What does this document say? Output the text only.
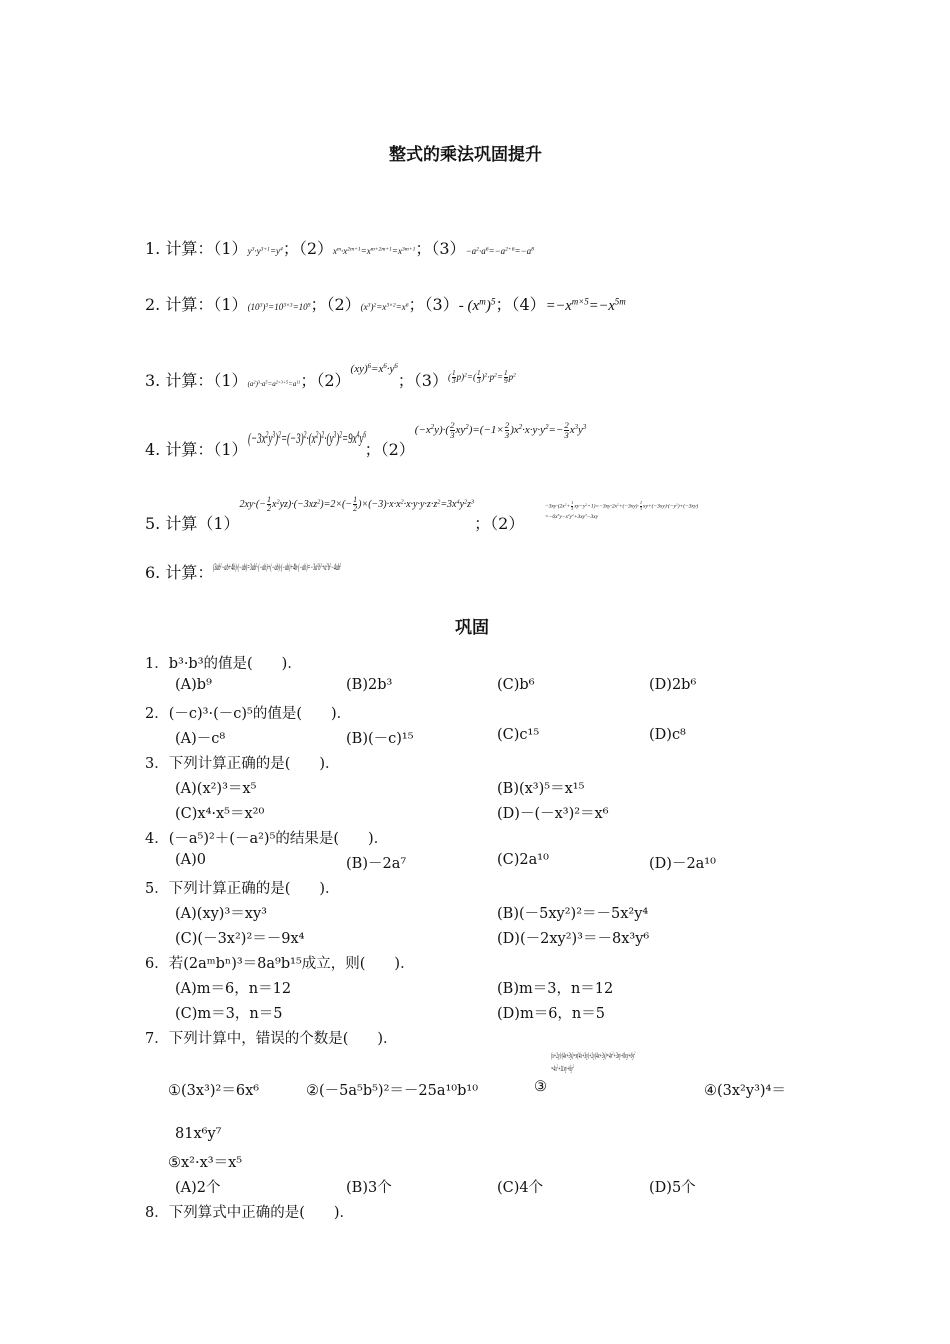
整式的乘法巩固提升
1. 计算：$(1)y^3\cdot y^{3+1}=y^4$；$(2)x^m\cdot x^{2m+1}=x^{m+2m+1}=x^{3m+1}$；$(3)-a^2\cdot a^6=-a^{2+6}=-a^8$
2. 计算：$(1)(10^3)^3=10^{3\times 3}=10^9$；$(2)(x^3)^2=x^{3\times 2}=x^6$；（3）- $(x^m)^5$；$(4)=-x^{m\times 5}=-x^{5m}$
3. 计算：$(1)(a^2)^3\cdot a^5=a^{2\times 3+5}=a^{11}$；$(2)^{(xy)^6=x^6\cdot y^6}$；$(3)^{( \frac{1}{3} p)^2=( \frac{1}{3} )^2\cdot p^2= \frac{1}{9} p^2}$
4. 计算：$(1)(-3x^2y^3)^2=(-3)^2\cdot(x^2)^2\cdot(y^3)^2=9x^4y^6$；$(2)^{(-x^2y)\cdot( \frac{2}{3} xy^2)=(-1\times \frac{2}{3} )x^2\cdot x\cdot y\cdot y^2=- \frac{2}{3} x^3y^3}$
5. 计算$(1)^{2xy\cdot(- \frac{1}{2} x^2yz)\cdot(-3xz^2)=2\times(- \frac{1}{2} )\times(-3)\cdot x\cdot x^2\cdot x\cdot y\cdot y\cdot z\cdot z^2=3x^4y^2z^3}$；（2）
$-3xy\cdot(2x^2+ \frac{1}{3} xy-y^2+1)=-3xy\cdot 2x^2+(-3xy)\cdot \frac{1}{3} xy+(-3xy)\cdot(-y^2)+(-3xy)$
$=-6x^3y-x^2y^2+3xy^3-3xy$
6. 计算：$^{(3ab^2-ab+4b)\cdot(-ab)=3ab^2\cdot(-ab)+(-ab)\cdot(-ab)+4b\cdot(-ab)=-3a^2b^3+a^2b^2-4ab^2}$
巩固
1．b³·b³的值是(　　)．
(A)b⁹	(B)2b³	(C)b⁶	(D)2b⁶
2．(－c)³·(－c)⁵的值是(　　)．
(A)－c⁸	(B)(－c)¹⁵	(C)c¹⁵	(D)c⁸
3．下列计算正确的是(　　)．
(A)(x²)³＝x⁵	(B)(x³)⁵＝x¹⁵
(C)x⁴·x⁵＝x²⁰	(D)－(－x³)²＝x⁶
4．(－a⁵)²＋(－a²)⁵的结果是(　　)．
(A)0	(B)－2a⁷	(C)2a¹⁰	(D)－2a¹⁰
5．下列计算正确的是(　　)．
(A)(xy)³＝xy³	(B)(－5xy²)²＝－5x²y⁴
(C)(－3x²)²＝－9x⁴	(D)(－2xy²)³＝－8x³y⁶
6．若(2aᵐbⁿ)³＝8a⁹b¹⁵成立，则(　　)．
(A)m＝6，n＝12	(B)m＝3，n＝12
(C)m＝3，n＝5	(D)m＝6，n＝5
7．下列计算中，错误的个数是(　　)．
$(x+2y)\cdot(4x+3y)=x(4x+3y)+2y(4x+3y)=4x^2+3xy+8xy+6y^2$
$=4x^2+11xy+6y^2$
①(3x³)²＝6x⁶	②(－5a⁵b⁵)²＝－25a¹⁰b¹⁰	③	④(3x²y³)⁴＝
81x⁶y⁷
⑤x²·x³＝x⁵
(A)2个	(B)3个	(C)4个	(D)5个
8．下列算式中正确的是(　　)．
